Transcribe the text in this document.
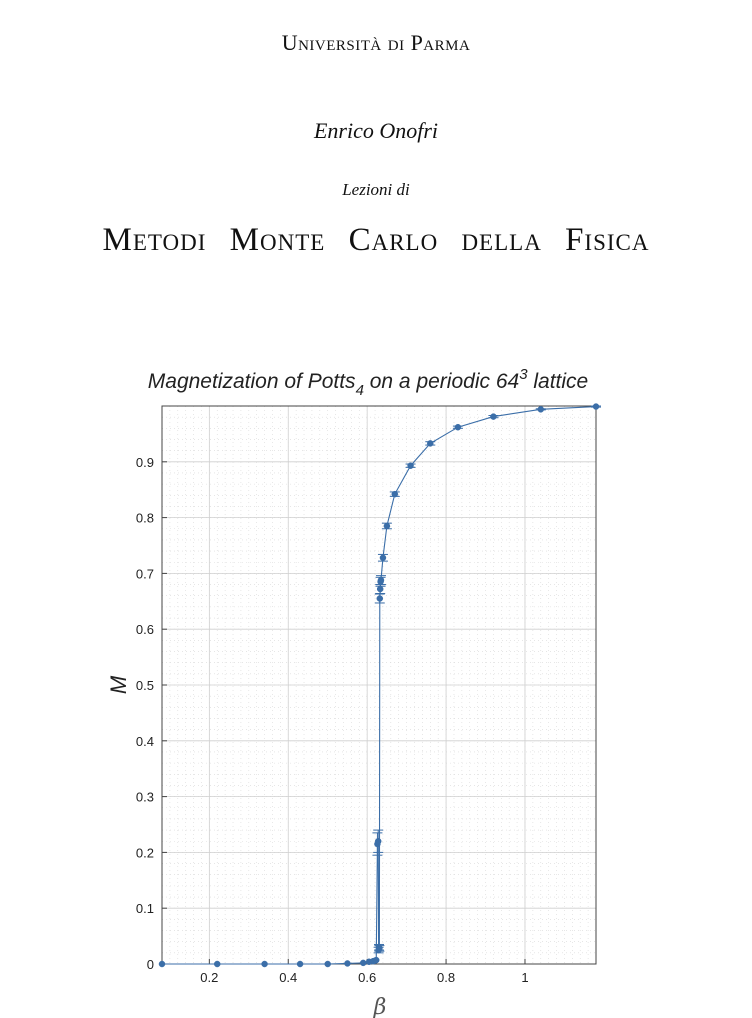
Università di Parma
Enrico Onofri
Lezioni di
Metodi Monte Carlo della Fisica
Magnetization of Potts$_4$ on a periodic $64^3$ lattice
0.2	0.4	0.6	0.8	1
0
0.1
0.2
0.3
0.4
0.5
0.6
0.7
0.8
0.9
M
β
